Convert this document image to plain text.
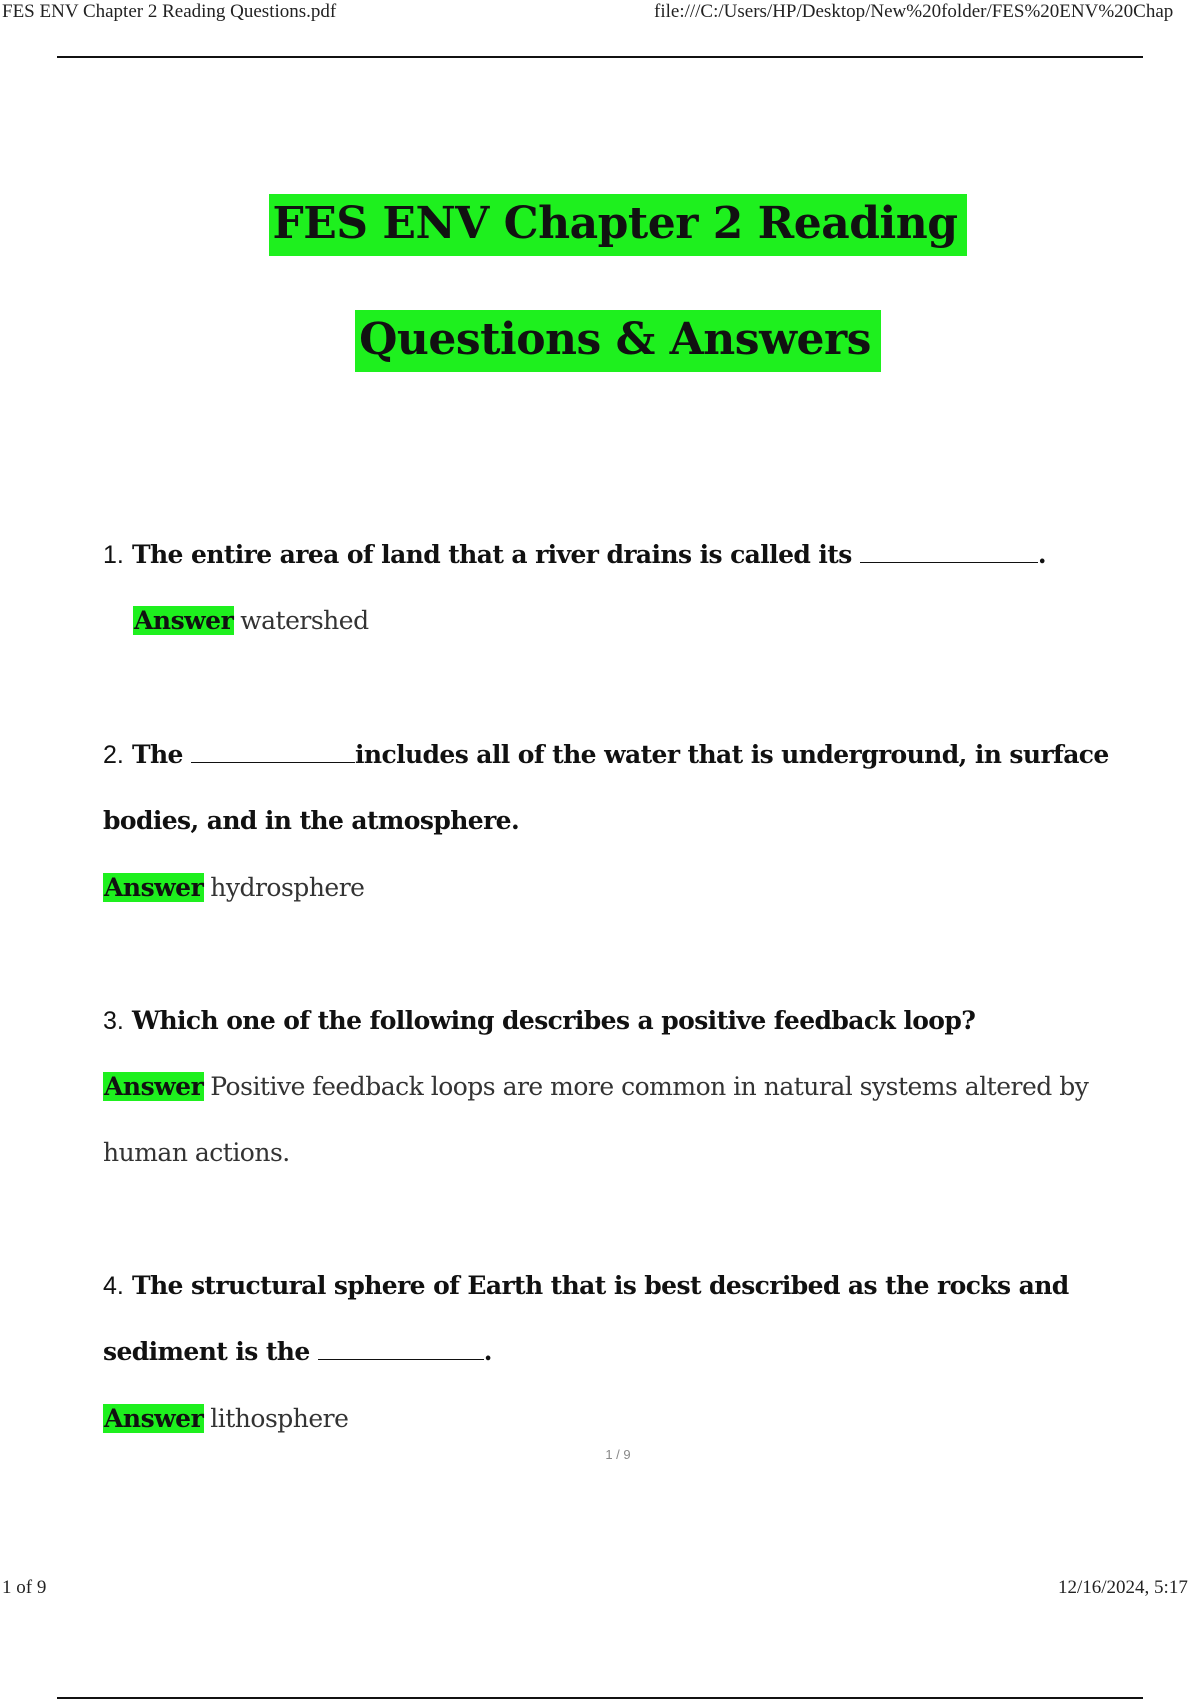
FES ENV Chapter 2 Reading Questions.pdf	file:///C:/Users/HP/Desktop/New%20folder/FES%20ENV%20Chap
FES ENV Chapter 2 Reading
Questions & Answers
1. The entire area of land that a river drains is called its	.
Answer watershed
2. The	includes all of the water that is underground, in surface
bodies, and in the atmosphere.
Answer hydrosphere
3. Which one of the following describes a positive feedback loop?
Answer Positive feedback loops are more common in natural systems altered by
human actions.
4. The structural sphere of Earth that is best described as the rocks and
sediment is the	.
Answer lithosphere
1 / 9
1 of 9	12/16/2024, 5:17
